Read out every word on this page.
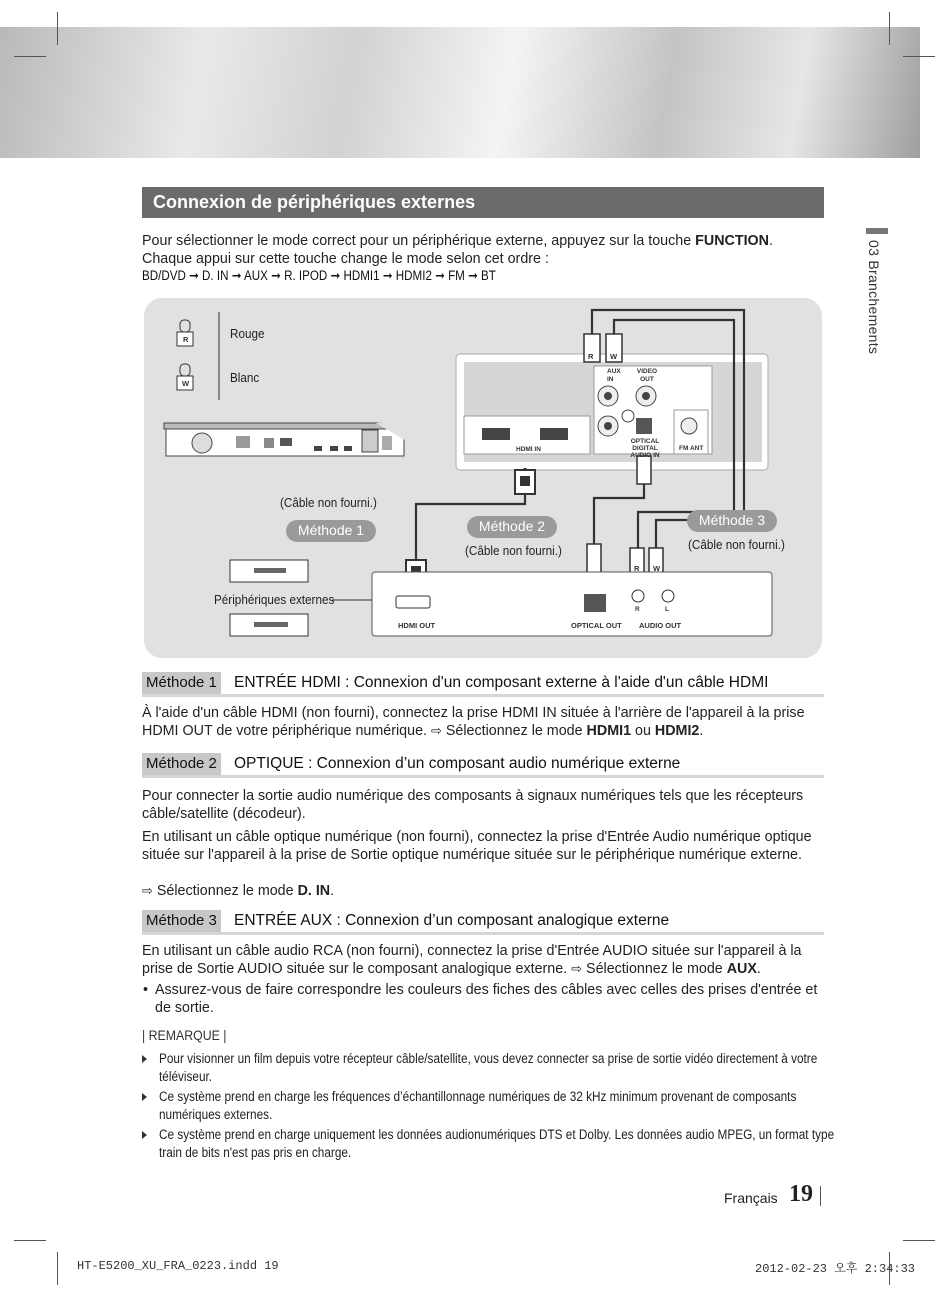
Connexion de périphériques externes
03 Branchements
Pour sélectionner le mode correct pour un périphérique externe, appuyez sur la touche FUNCTION. Chaque appui sur cette touche change le mode selon cet ordre :
BD/DVD ➞ D. IN ➞ AUX ➞ R. IPOD ➞ HDMI1 ➞ HDMI2 ➞ FM ➞ BT
R
W
Rouge
Blanc	AUX IN
VIDEO OUT
HDMI IN
OPTICAL DIGITAL AUDIO IN
FM ANT
R W
R W
(Câble non fourni.)
(Câble non fourni.)	(Câble non fourni.)
Méthode 1	Méthode 2	Méthode 3
Périphériques externes
HDMI OUT	OPTICAL OUT AUDIO OUT
R	L
Méthode 1 ENTRÉE HDMI : Connexion d'un composant externe à l'aide d'un câble HDMI
À l'aide d'un câble HDMI (non fourni), connectez la prise HDMI IN située à l'arrière de l'appareil à la prise HDMI OUT de votre périphérique numérique. ⇨ Sélectionnez le mode HDMI1 ou HDMI2.
Méthode 2 OPTIQUE : Connexion d’un composant audio numérique externe
Pour connecter la sortie audio numérique des composants à signaux numériques tels que les récepteurs câble/satellite (décodeur).
En utilisant un câble optique numérique (non fourni), connectez la prise d'Entrée Audio numérique optique située sur l'appareil à la prise de Sortie optique numérique située sur le périphérique numérique externe.
⇨ Sélectionnez le mode D. IN.
Méthode 3 ENTRÉE AUX : Connexion d’un composant analogique externe
En utilisant un câble audio RCA (non fourni), connectez la prise d'Entrée AUDIO située sur l'appareil à la prise de Sortie AUDIO située sur le composant analogique externe. ⇨ Sélectionnez le mode AUX.
• Assurez-vous de faire correspondre les couleurs des fiches des câbles avec celles des prises d'entrée et de sortie.
| REMARQUE |
Pour visionner un film depuis votre récepteur câble/satellite, vous devez connecter sa prise de sortie vidéo directement à votre téléviseur.
Ce système prend en charge les fréquences d’échantillonnage numériques de 32 kHz minimum provenant de composants numériques externes.
Ce système prend en charge uniquement les données audionumériques DTS et Dolby. Les données audio MPEG, un format type train de bits n'est pas pris en charge.
Français 19
HT-E5200_XU_FRA_0223.indd 19	2012-02-23 오후 2:34:33
